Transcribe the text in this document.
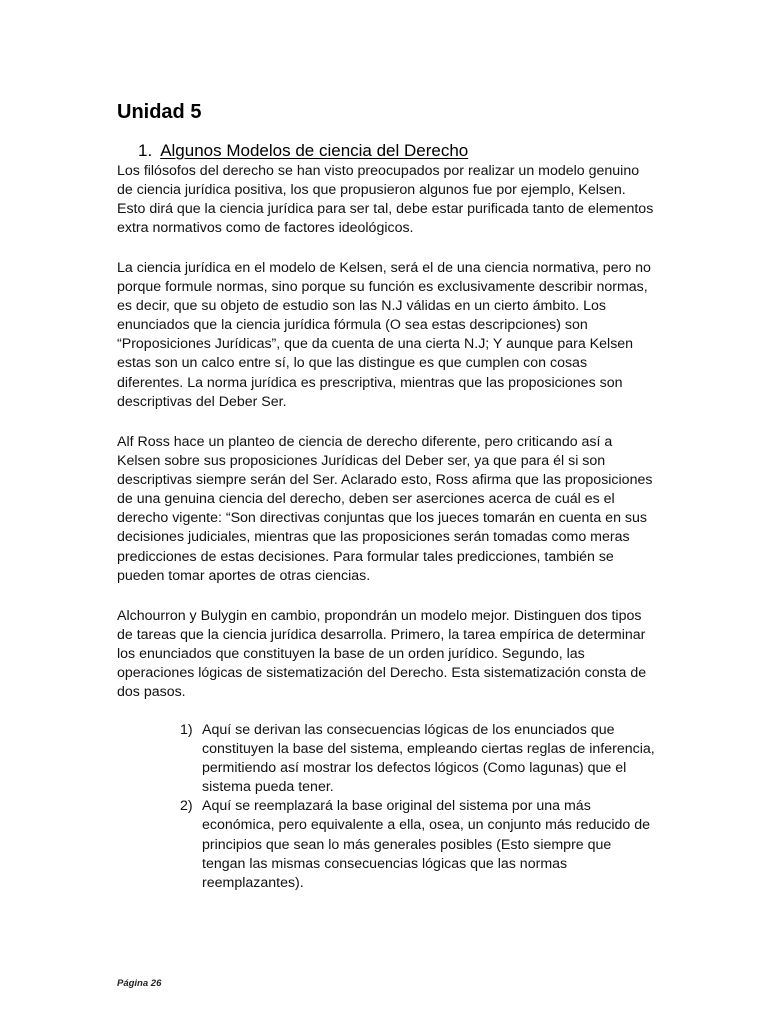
Unidad 5
1. Algunos Modelos de ciencia del Derecho

Los filósofos del derecho se han visto preocupados por realizar un modelo genuino de ciencia jurídica positiva, los que propusieron algunos fue por ejemplo, Kelsen. Esto dirá que la ciencia jurídica para ser tal, debe estar purificada tanto de elementos extra normativos como de factores ideológicos.

La ciencia jurídica en el modelo de Kelsen, será el de una ciencia normativa, pero no porque formule normas, sino porque su función es exclusivamente describir normas, es decir, que su objeto de estudio son las N.J válidas en un cierto ámbito. Los enunciados que la ciencia jurídica fórmula (O sea estas descripciones) son “Proposiciones Jurídicas”, que da cuenta de una cierta N.J; Y aunque para Kelsen estas son un calco entre sí, lo que las distingue es que cumplen con cosas diferentes. La norma jurídica es prescriptiva, mientras que las proposiciones son descriptivas del Deber Ser.

Alf Ross hace un planteo de ciencia de derecho diferente, pero criticando así a Kelsen sobre sus proposiciones Jurídicas del Deber ser, ya que para él si son descriptivas siempre serán del Ser. Aclarado esto, Ross afirma que las proposiciones de una genuina ciencia del derecho, deben ser aserciones acerca de cuál es el derecho vigente: “Son directivas conjuntas que los jueces tomarán en cuenta en sus decisiones judiciales, mientras que las proposiciones serán tomadas como meras predicciones de estas decisiones. Para formular tales predicciones, también se pueden tomar aportes de otras ciencias.

Alchourron y Bulygin en cambio, propondrán un modelo mejor. Distinguen dos tipos de tareas que la ciencia jurídica desarrolla. Primero, la tarea empírica de determinar los enunciados que constituyen la base de un orden jurídico. Segundo, las operaciones lógicas de sistematización del Derecho. Esta sistematización consta de dos pasos.

1) Aquí se derivan las consecuencias lógicas de los enunciados que constituyen la base del sistema, empleando ciertas reglas de inferencia, permitiendo así mostrar los defectos lógicos (Como lagunas) que el sistema pueda tener.
2) Aquí se reemplazará la base original del sistema por una más económica, pero equivalente a ella, osea, un conjunto más reducido de principios que sean lo más generales posibles (Esto siempre que tengan las mismas consecuencias lógicas que las normas reemplazantes).

Página 26
